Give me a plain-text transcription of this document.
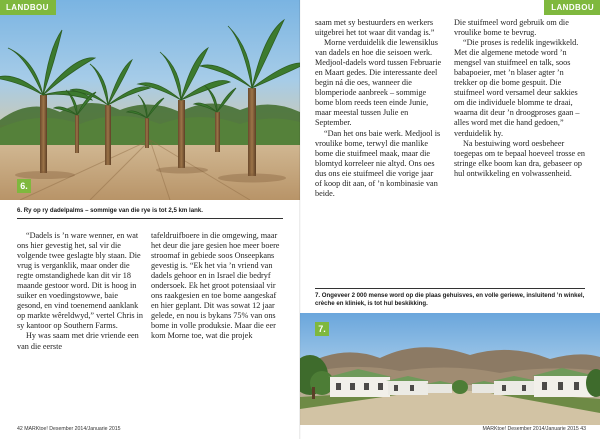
6.
LANDBOU
6. Ry op ry dadelpalms – sommige van die rye is tot 2,5 km lank.

“Dadels is ’n ware wenner, en wat ons hier gevestig het, sal vir die volgende twee geslagte bly staan. Die vrug is verganklik, maar onder die regte omstandighede kan dit vir 18 maande gestoor word. Dit is hoog in suiker en voedingstowwe, baie gesond, en vind toenemend aanklank op markte wêreldwyd,” vertel Chris in sy kantoor op Southern Farms.

Hy was saam met drie vriende een van die eerste

tafeldruifboere in die omgewing, maar het deur die jare gesien hoe meer boere stroomaf in gebiede soos Onseepkans gevestig is. “Ek het via ’n vriend van dadels gehoor en in Israel die bedryf ondersoek. Ek het groot potensiaal vir ons raakgesien en toe bome aangeskaf en hier geplant. Dit was sowat 12 jaar gelede, en nou is bykans 75% van ons bome in volle produksie. Maar die eer kom Morne toe, wat die projek

42 MARKtoe! Desember 2014/Januarie 2015
LANDBOU

saam met sy bestuurders en werkers uitgebrei het tot waar dit vandag is.”

Morne verduidelik die lewensiklus van dadels en hoe die seisoen werk. Medjool-dadels word tussen Februarie en Maart gedes. Die interessante deel begin ná die oes, wanneer die blomperiode aanbreek – sommige bome blom reeds teen einde Junie, maar meestal tussen Julie en September.

“Dan het ons baie werk. Medjool is vroulike bome, terwyl die manlike bome die stuifmeel maak, maar die blomtyd korreleer nie altyd. Ons oes dus ons eie stuifmeel die vorige jaar of koop dit aan, of ’n kombinasie van beide.

Die stuifmeel word gebruik om die vroulike bome te bevrug.

“Die proses is redelik ingewikkeld. Met die algemene metode word ’n mengsel van stuifmeel en talk, soos babapoeier, met ’n blaser agter ’n trekker op die bome gespuit. Die stuifmeel word versamel deur sakkies om die individuele blomme te draai, waarna dit deur ’n droogproses gaan – alles word met die hand gedoen,” verduidelik hy.

Na bestuiwing word oesbeheer toegepas om te bepaal hoeveel trosse en stringe elke boom kan dra, gebaseer op hul ontwikkeling en volwassenheid.

7. Ongeveer 2 000 mense word op die plaas gehuisves, en volle geriewe, insluitend ’n winkel, crèche en kliniek, is tot hul beskikking.
7.
MARKtoe! Desember 2014/Januarie 2015 43
